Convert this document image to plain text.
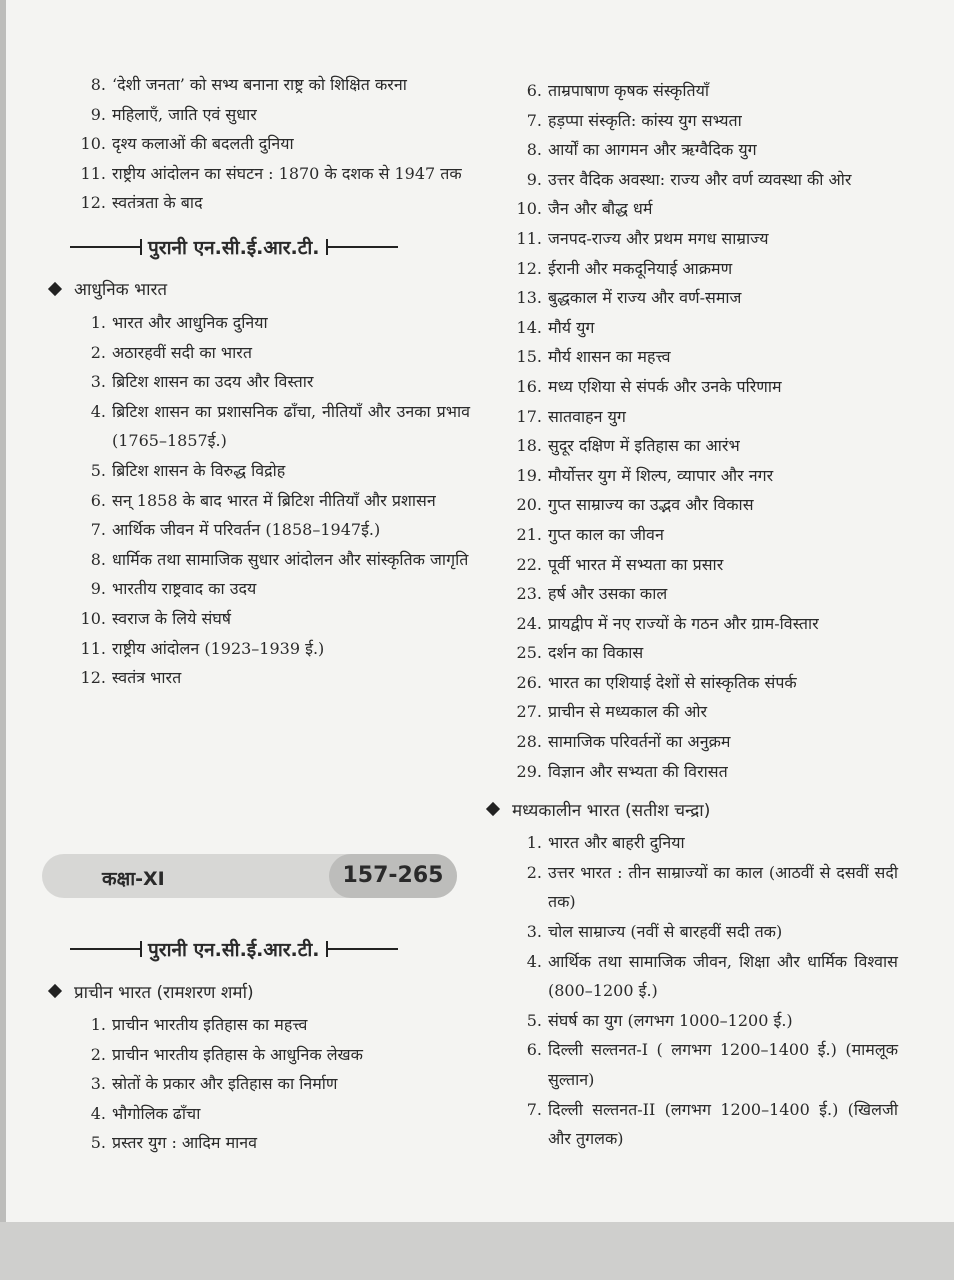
8. ‘देशी जनता’ को सभ्य बनाना राष्ट्र को शिक्षित करना
9. महिलाएँ, जाति एवं सुधार
10. दृश्य कलाओं की बदलती दुनिया
11. राष्ट्रीय आंदोलन का संघटन : 1870 के दशक से 1947 तक
12. स्वतंत्रता के बाद
पुरानी एन.सी.ई.आर.टी.
आधुनिक भारत
1. भारत और आधुनिक दुनिया
2. अठारहवीं सदी का भारत
3. ब्रिटिश शासन का उदय और विस्तार
4. ब्रिटिश शासन का प्रशासनिक ढाँचा, नीतियाँ और उनका प्रभाव (1765–1857ई.)
5. ब्रिटिश शासन के विरुद्ध विद्रोह
6. सन् 1858 के बाद भारत में ब्रिटिश नीतियाँ और प्रशासन
7. आर्थिक जीवन में परिवर्तन (1858–1947ई.)
8. धार्मिक तथा सामाजिक सुधार आंदोलन और सांस्कृतिक जागृति
9. भारतीय राष्ट्रवाद का उदय
10. स्वराज के लिये संघर्ष
11. राष्ट्रीय आंदोलन (1923–1939 ई.)
12. स्वतंत्र भारत
कक्षा-XI	157-265
पुरानी एन.सी.ई.आर.टी.
प्राचीन भारत (रामशरण शर्मा)
1. प्राचीन भारतीय इतिहास का महत्त्व
2. प्राचीन भारतीय इतिहास के आधुनिक लेखक
3. स्रोतों के प्रकार और इतिहास का निर्माण
4. भौगोलिक ढाँचा
5. प्रस्तर युग : आदिम मानव
6. ताम्रपाषाण कृषक संस्कृतियाँ
7. हड़प्पा संस्कृति: कांस्य युग सभ्यता
8. आर्यों का आगमन और ऋग्वैदिक युग
9. उत्तर वैदिक अवस्था: राज्य और वर्ण व्यवस्था की ओर
10. जैन और बौद्ध धर्म
11. जनपद-राज्य और प्रथम मगध साम्राज्य
12. ईरानी और मकदूनियाई आक्रमण
13. बुद्धकाल में राज्य और वर्ण-समाज
14. मौर्य युग
15. मौर्य शासन का महत्त्व
16. मध्य एशिया से संपर्क और उनके परिणाम
17. सातवाहन युग
18. सुदूर दक्षिण में इतिहास का आरंभ
19. मौर्योत्तर युग में शिल्प, व्यापार और नगर
20. गुप्त साम्राज्य का उद्भव और विकास
21. गुप्त काल का जीवन
22. पूर्वी भारत में सभ्यता का प्रसार
23. हर्ष और उसका काल
24. प्रायद्वीप में नए राज्यों के गठन और ग्राम-विस्तार
25. दर्शन का विकास
26. भारत का एशियाई देशों से सांस्कृतिक संपर्क
27. प्राचीन से मध्यकाल की ओर
28. सामाजिक परिवर्तनों का अनुक्रम
29. विज्ञान और सभ्यता की विरासत
मध्यकालीन भारत (सतीश चन्द्रा)
1. भारत और बाहरी दुनिया
2. उत्तर भारत : तीन साम्राज्यों का काल (आठवीं से दसवीं सदी तक)
3. चोल साम्राज्य (नवीं से बारहवीं सदी तक)
4. आर्थिक तथा सामाजिक जीवन, शिक्षा और धार्मिक विश्वास (800–1200 ई.)
5. संघर्ष का युग (लगभग 1000–1200 ई.)
6. दिल्ली सल्तनत-I ( लगभग 1200–1400 ई.) (मामलूक सुल्तान)
7. दिल्ली सल्तनत-II (लगभग 1200–1400 ई.) (खिलजी और तुगलक)
